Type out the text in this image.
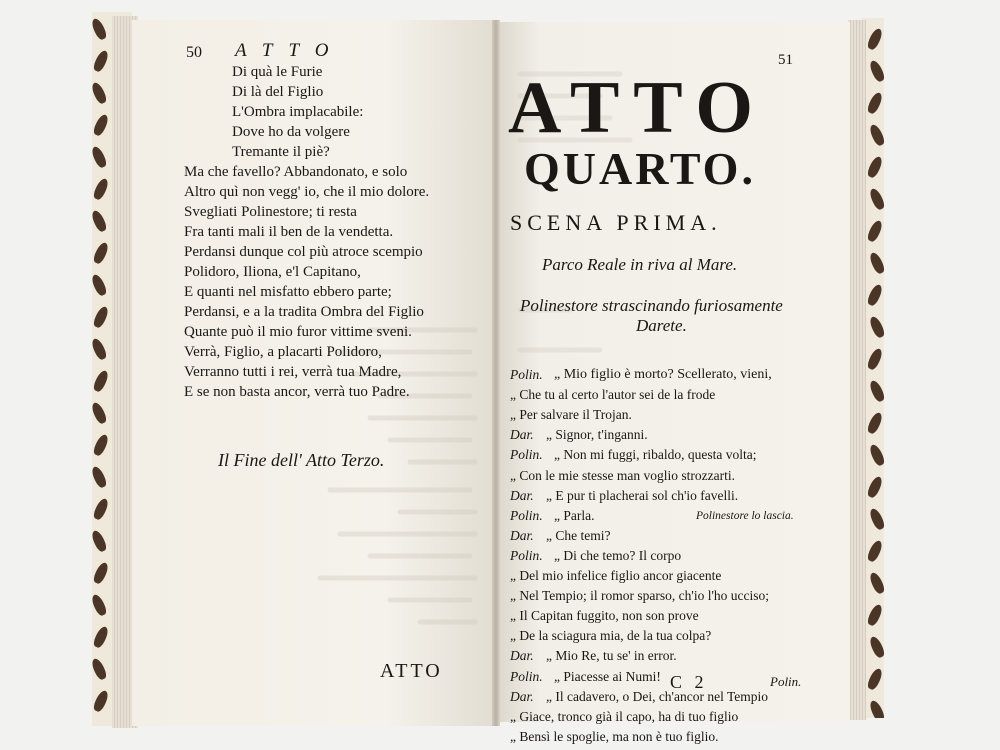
50 ATTO
Di quà le Furie
Di là del Figlio
L'Ombra implacabile:
Dove ho da volgere
Tremante il piè?
Ma che favello? Abbandonato, e solo
Altro quì non vegg' io, che il mio dolore.
Svegliati Polinestore; ti resta
Fra tanti mali il ben de la vendetta.
Perdansi dunque col più atroce scempio
Polidoro, Iliona, e'l Capitano,
E quanti nel misfatto ebbero parte;
Perdansi, e a la tradita Ombra del Figlio
Quante può il mio furor vittime sveni.
Verrà, Figlio, a placarti Polidoro,
Verranno tutti i rei, verrà tua Madre,
E se non basta ancor, verrà tuo Padre.
Il Fine dell' Atto Terzo.
ATTO
51
ATTO
QUARTO.
SCENA PRIMA.
Parco Reale in riva al Mare.
Polinestore strascinando furiosamente
Darete.
„ Mio figlio è morto? Scellerato, vieni,
„ Che tu al certo l'autor sei de la frode
„ Per salvare il Trojan.
„ Signor, t'inganni.
„ Non mi fuggi, ribaldo, questa volta;
„ Con le mie stesse man voglio strozzarti.
„ E pur ti placherai sol ch'io favelli.
„ Parla.	Polinestore lo lascia.
„ Che temi?
„ Di che temo? Il corpo
„ Del mio infelice figlio ancor giacente
„ Nel Tempio; il romor sparso, ch'io l'ho ucciso;
„ Il Capitan fuggito, non son prove
„ De la sciagura mia, de la tua colpa?
„ Mio Re, tu se' in error.
„ Piacesse ai Numi!
„ Il cadavero, o Dei, ch'ancor nel Tempio
„ Giace, tronco già il capo, ha di tuo figlio
„ Bensì le spoglie, ma non è tuo figlio.
C 2	Polin.
